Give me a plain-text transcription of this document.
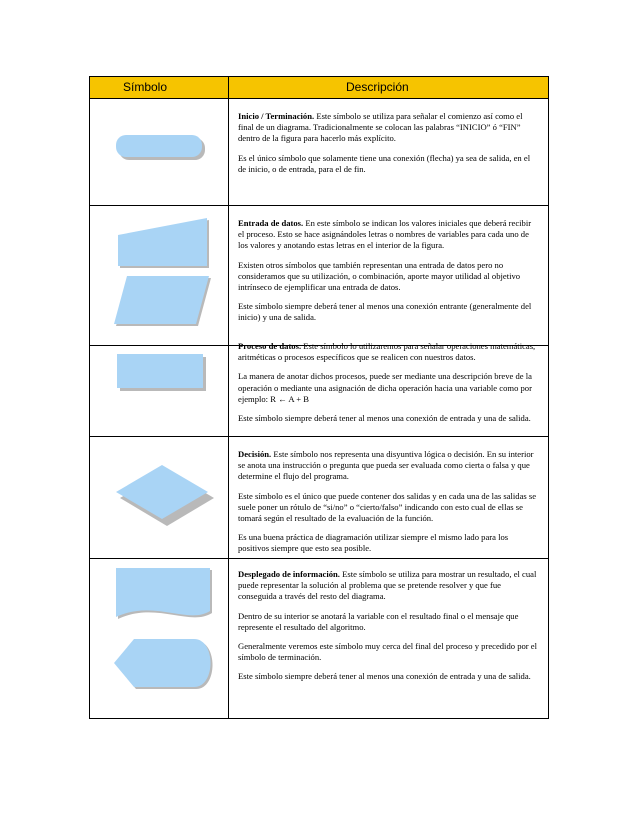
Símbolo	Descripción

Inicio / Terminación. Este símbolo se utiliza para señalar el comienzo así como el final de un diagrama. Tradicionalmente se colocan las palabras “INICIO” ó “FIN” dentro de la figura para hacerlo más explícito.

Es el único símbolo que solamente tiene una conexión (flecha) ya sea de salida, en el de inicio, o de entrada, para el de fin.

Entrada de datos. En este símbolo se indican los valores iniciales que deberá recibir el proceso. Esto se hace asignándoles letras o nombres de variables para cada uno de los valores y anotando estas letras en el interior de la figura.

Existen otros símbolos que también representan una entrada de datos pero no consideramos que su utilización, o combinación, aporte mayor utilidad al objetivo intrínseco de ejemplificar una entrada de datos.

Este símbolo siempre deberá tener al menos una conexión entrante (generalmente del inicio) y una de salida.

Proceso de datos. Este símbolo lo utilizaremos para señalar operaciones matemáticas, aritméticas o procesos específicos que se realicen con nuestros datos.

La manera de anotar dichos procesos, puede ser mediante una descripción breve de la operación o mediante una asignación de dicha operación hacia una variable como por ejemplo: R ← A + B

Este símbolo siempre deberá tener al menos una conexión de entrada y una de salida.

Decisión. Este símbolo nos representa una disyuntiva lógica o decisión. En su interior se anota una instrucción o pregunta que pueda ser evaluada como cierta o falsa y que determine el flujo del programa.

Este símbolo es el único que puede contener dos salidas y en cada una de las salidas se suele poner un rótulo de “si/no” o “cierto/falso” indicando con esto cual de ellas se tomará según el resultado de la evaluación de la función.

Es una buena práctica de diagramación utilizar siempre el mismo lado para los positivos siempre que esto sea posible.

Desplegado de información. Este símbolo se utiliza para mostrar un resultado, el cual puede representar la solución al problema que se pretende resolver y que fue conseguida a través del resto del diagrama.

Dentro de su interior se anotará la variable con el resultado final o el mensaje que represente el resultado del algoritmo.

Generalmente veremos este símbolo muy cerca del final del proceso y precedido por el símbolo de terminación.

Este símbolo siempre deberá tener al menos una conexión de entrada y una de salida.
